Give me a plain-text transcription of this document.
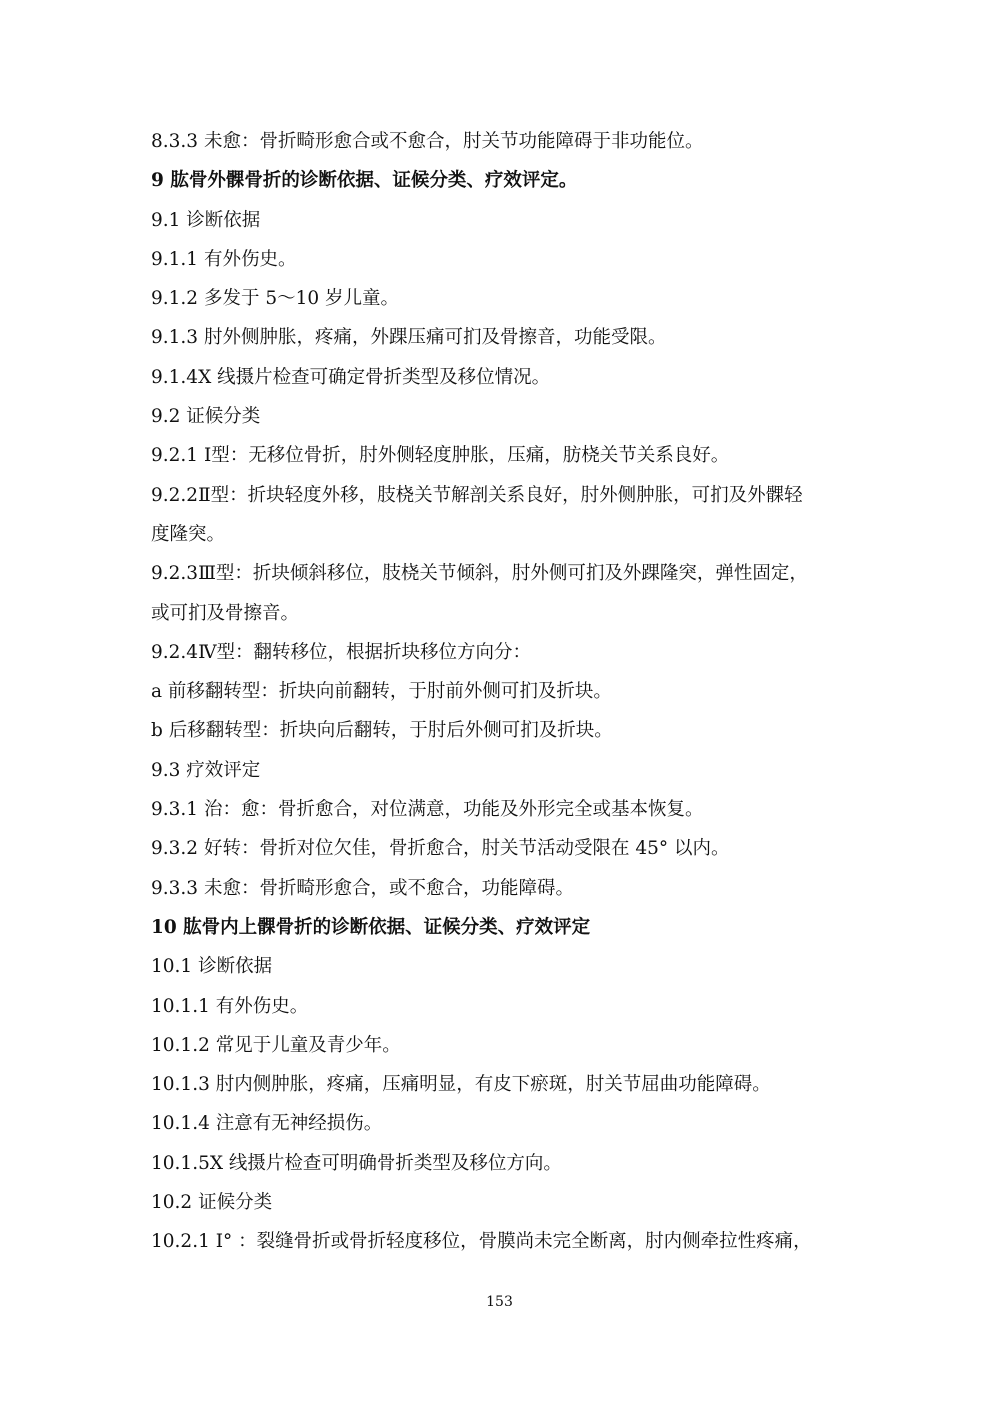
8.3.3 未愈：骨折畸形愈合或不愈合，肘关节功能障碍于非功能位。
9 肱骨外髁骨折的诊断依据、证候分类、疗效评定。
9.1 诊断依据
9.1.1 有外伤史。
9.1.2 多发于 5～10 岁儿童。
9.1.3 肘外侧肿胀，疼痛，外踝压痛可扪及骨擦音，功能受限。
9.1.4X 线摄片检查可确定骨折类型及移位情况。
9.2 证候分类
9.2.1 Ⅰ型：无移位骨折，肘外侧轻度肿胀，压痛，肪桡关节关系良好。
9.2.2Ⅱ型：折块轻度外移，肢桡关节解剖关系良好，肘外侧肿胀，可扪及外髁轻
度隆突。
9.2.3Ⅲ型：折块倾斜移位，肢桡关节倾斜，肘外侧可扪及外踝隆突，弹性固定，
或可扪及骨擦音。
9.2.4Ⅳ型：翻转移位，根据折块移位方向分：
a 前移翻转型：折块向前翻转，于肘前外侧可扪及折块。
b 后移翻转型：折块向后翻转，于肘后外侧可扪及折块。
9.3 疗效评定
9.3.1 治：愈：骨折愈合，对位满意，功能及外形完全或基本恢复。
9.3.2 好转：骨折对位欠佳，骨折愈合，肘关节活动受限在 45° 以内。
9.3.3 未愈：骨折畸形愈合，或不愈合，功能障碍。
10 肱骨内上髁骨折的诊断依据、证候分类、疗效评定
10.1 诊断依据
10.1.1 有外伤史。
10.1.2 常见于儿童及青少年。
10.1.3 肘内侧肿胀，疼痛，压痛明显，有皮下瘀斑，肘关节屈曲功能障碍。
10.1.4 注意有无神经损伤。
10.1.5X 线摄片检查可明确骨折类型及移位方向。
10.2 证候分类
10.2.1 Ⅰ° ：裂缝骨折或骨折轻度移位，骨膜尚未完全断离，肘内侧牵拉性疼痛，
153
